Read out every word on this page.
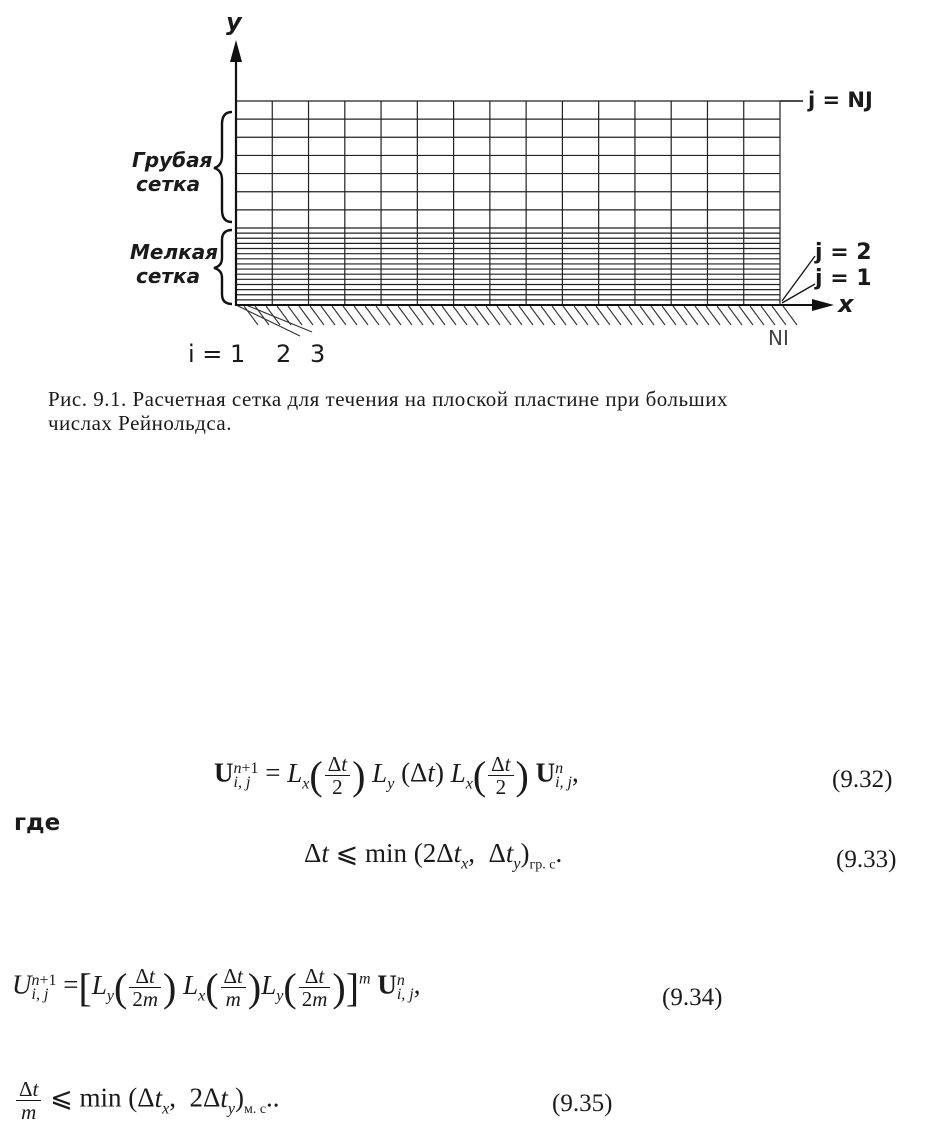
y
x
j = NJ
j = 2
j = 1
NI
i = 1 2 3
Грубая
сетка
Мелкая
сетка
Рис. 9.1. Расчетная сетка для течения на плоской пластине при больших
числах Рейнольдса.
Un+1
i, $j = L_x( \frac{\Delta t}{2}$ ) $L_y$ (Δt) $L_x( \frac{\Delta t}{2}$ ) Un
i, j,	(9.32)
где
Δt ⩽ $\min (2\Delta t_x$,  $\Delta t_y)_{гр. с}$.	(9.33)
Un+1
i, $j =[L_y( \frac{\Delta t}{2m}$ ) $L_x( \frac{\Delta t}{m} )L_y( \frac{\Delta t}{2m} )]^m$ Un
i, j,	(9.34)
$\frac{\Delta t}{m}$ ⩽ $\min (\Delta t_x$,  $2\Delta t_y)_{м. с}$..	(9.35)
